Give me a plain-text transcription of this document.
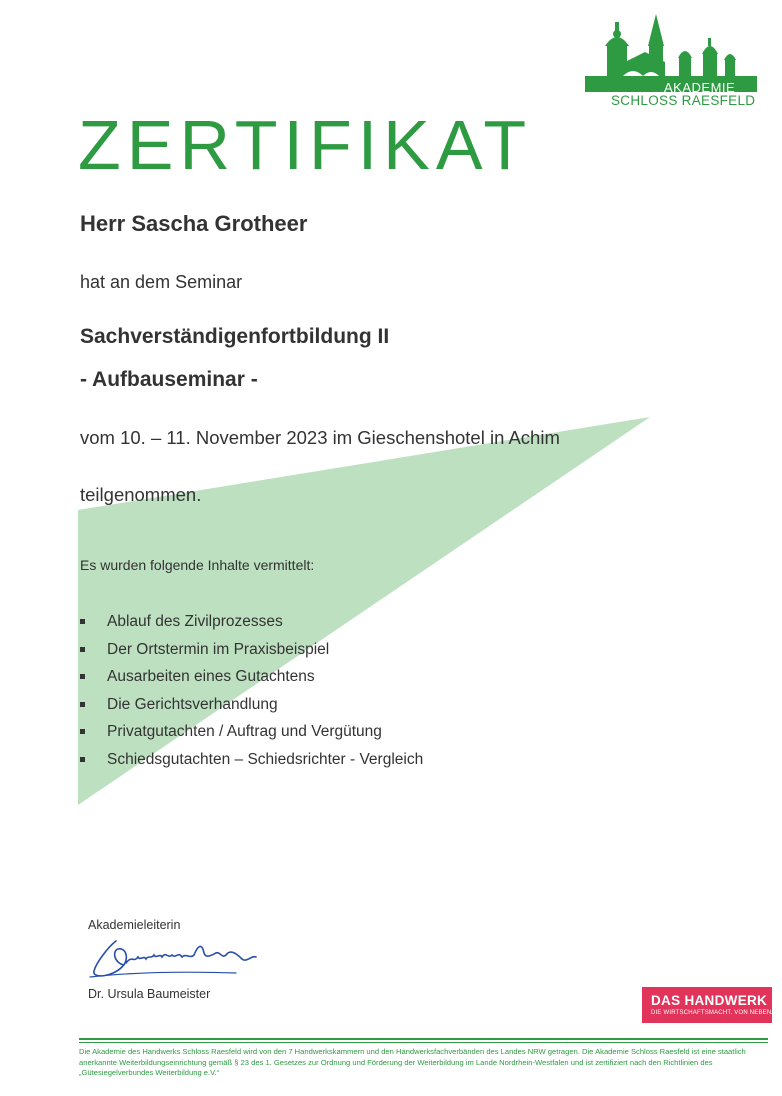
AKADEMIE
SCHLOSS RAESFELD
ZERTIFIKAT
Herr Sascha Grotheer
hat an dem Seminar
Sachverständigenfortbildung II
- Aufbauseminar -
vom 10. – 11. November 2023 im Gieschenshotel in Achim
teilgenommen.
Es wurden folgende Inhalte vermittelt:
Ablauf des Zivilprozesses
Der Ortstermin im Praxisbeispiel
Ausarbeiten eines Gutachtens
Die Gerichtsverhandlung
Privatgutachten / Auftrag und Vergütung
Schiedsgutachten – Schiedsrichter - Vergleich
Akademieleiterin
Dr. Ursula Baumeister	DAS HANDWERK
DIE WIRTSCHAFTSMACHT. VON NEBENAN.
Die Akademie des Handwerks Schloss Raesfeld wird von den 7 Handwerkskammern und den Handwerksfachverbänden des Landes NRW getragen. Die Akademie Schloss Raesfeld ist eine staatlich anerkannte Weiterbildungseinrichtung gemäß § 23 des 1. Gesetzes zur Ordnung und Förderung der Weiterbildung im Lande Nordrhein-Westfalen und ist zertifiziert nach den Richtlinien des „Gütesiegelverbundes Weiterbildung e.V.“
